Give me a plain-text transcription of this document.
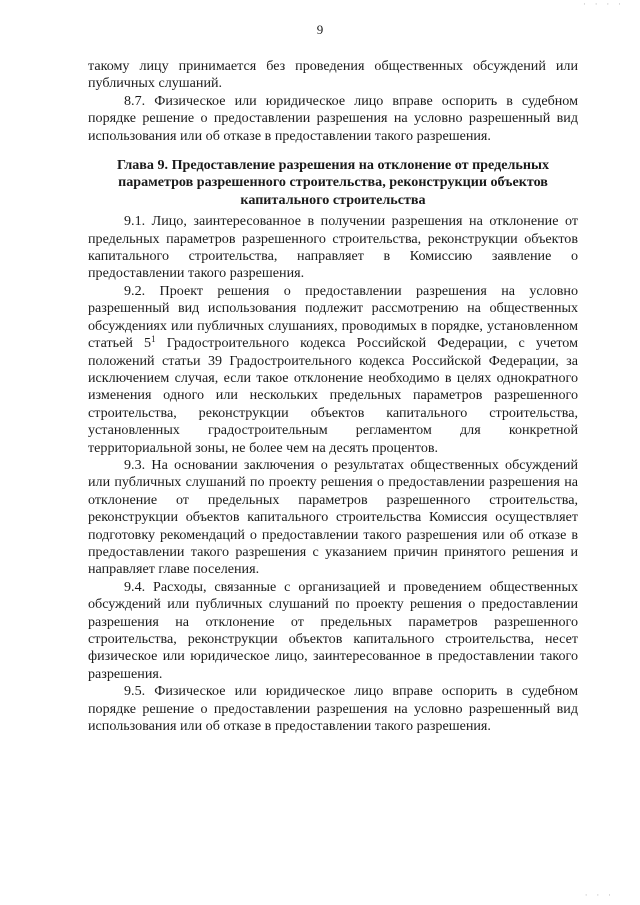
· · · ·
9

такому лицу принимается без проведения общественных обсуждений или публичных слушаний.

8.7. Физическое или юридическое лицо вправе оспорить в судебном порядке решение о предоставлении разрешения на условно разрешенный вид использования или об отказе в предоставлении такого разрешения.

Глава 9. Предоставление разрешения на отклонение от предельных параметров разрешенного строительства, реконструкции объектов капитального строительства

9.1. Лицо, заинтересованное в получении разрешения на отклонение от предельных параметров разрешенного строительства, реконструкции объектов капитального строительства, направляет в Комиссию заявление о предоставлении такого разрешения.

9.2. Проект решения о предоставлении разрешения на условно разрешенный вид использования подлежит рассмотрению на общественных обсуждениях или публичных слушаниях, проводимых в порядке, установленном статьей $5^1$ Градостроительного кодекса Российской Федерации, с учетом положений статьи 39 Градостроительного кодекса Российской Федерации, за исключением случая, если такое отклонение необходимо в целях однократного изменения одного или нескольких предельных параметров разрешенного строительства, реконструкции объектов капитального строительства, установленных градостроительным регламентом для конкретной территориальной зоны, не более чем на десять процентов.

9.3. На основании заключения о результатах общественных обсуждений или публичных слушаний по проекту решения о предоставлении разрешения на отклонение от предельных параметров разрешенного строительства, реконструкции объектов капитального строительства Комиссия осуществляет подготовку рекомендаций о предоставлении такого разрешения или об отказе в предоставлении такого разрешения с указанием причин принятого решения и направляет главе поселения.

9.4. Расходы, связанные с организацией и проведением общественных обсуждений или публичных слушаний по проекту решения о предоставлении разрешения на отклонение от предельных параметров разрешенного строительства, реконструкции объектов капитального строительства, несет физическое или юридическое лицо, заинтересованное в предоставлении такого разрешения.

9.5. Физическое или юридическое лицо вправе оспорить в судебном порядке решение о предоставлении разрешения на условно разрешенный вид использования или об отказе в предоставлении такого разрешения.

· · ·
